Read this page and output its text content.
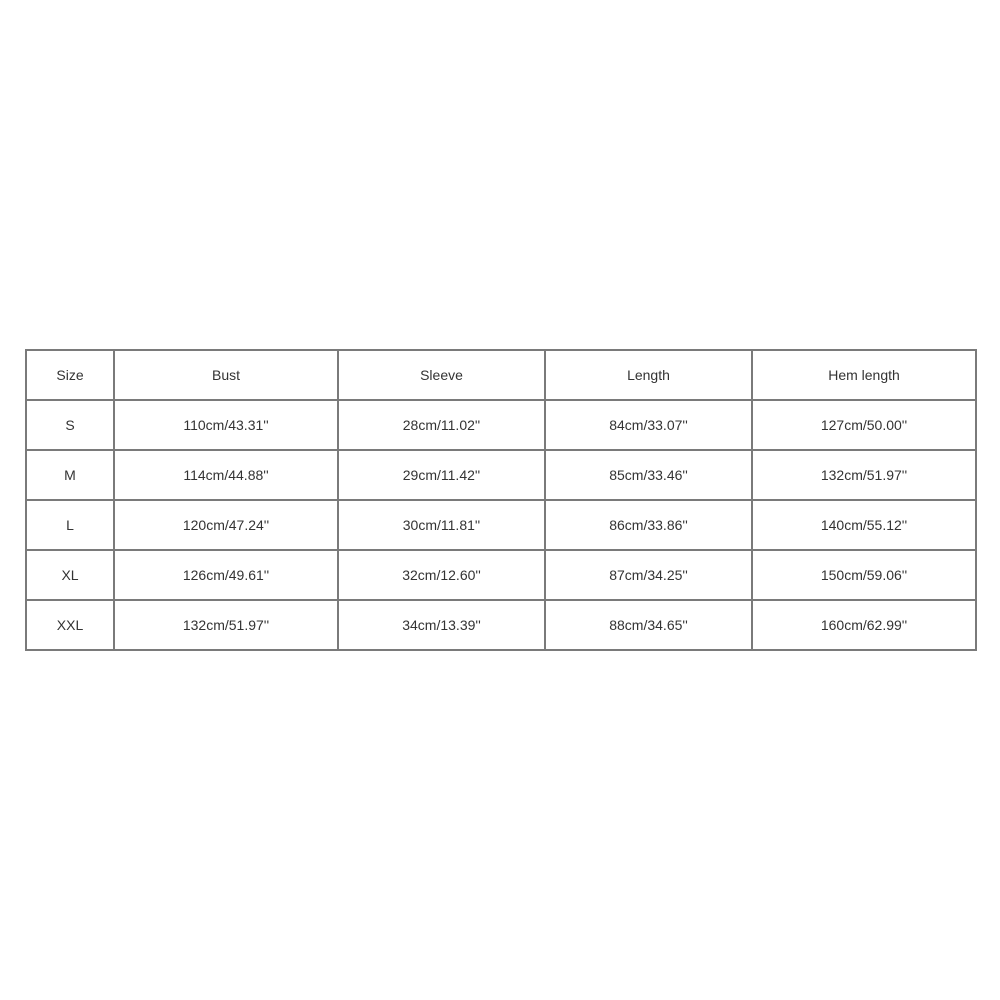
Size	Bust	Sleeve	Length	Hem length
S	110cm/43.31''	28cm/11.02''	84cm/33.07''	127cm/50.00''
M	114cm/44.88''	29cm/11.42''	85cm/33.46''	132cm/51.97''
L	120cm/47.24''	30cm/11.81''	86cm/33.86''	140cm/55.12''
XL	126cm/49.61''	32cm/12.60''	87cm/34.25''	150cm/59.06''
XXL	132cm/51.97''	34cm/13.39''	88cm/34.65''	160cm/62.99''
